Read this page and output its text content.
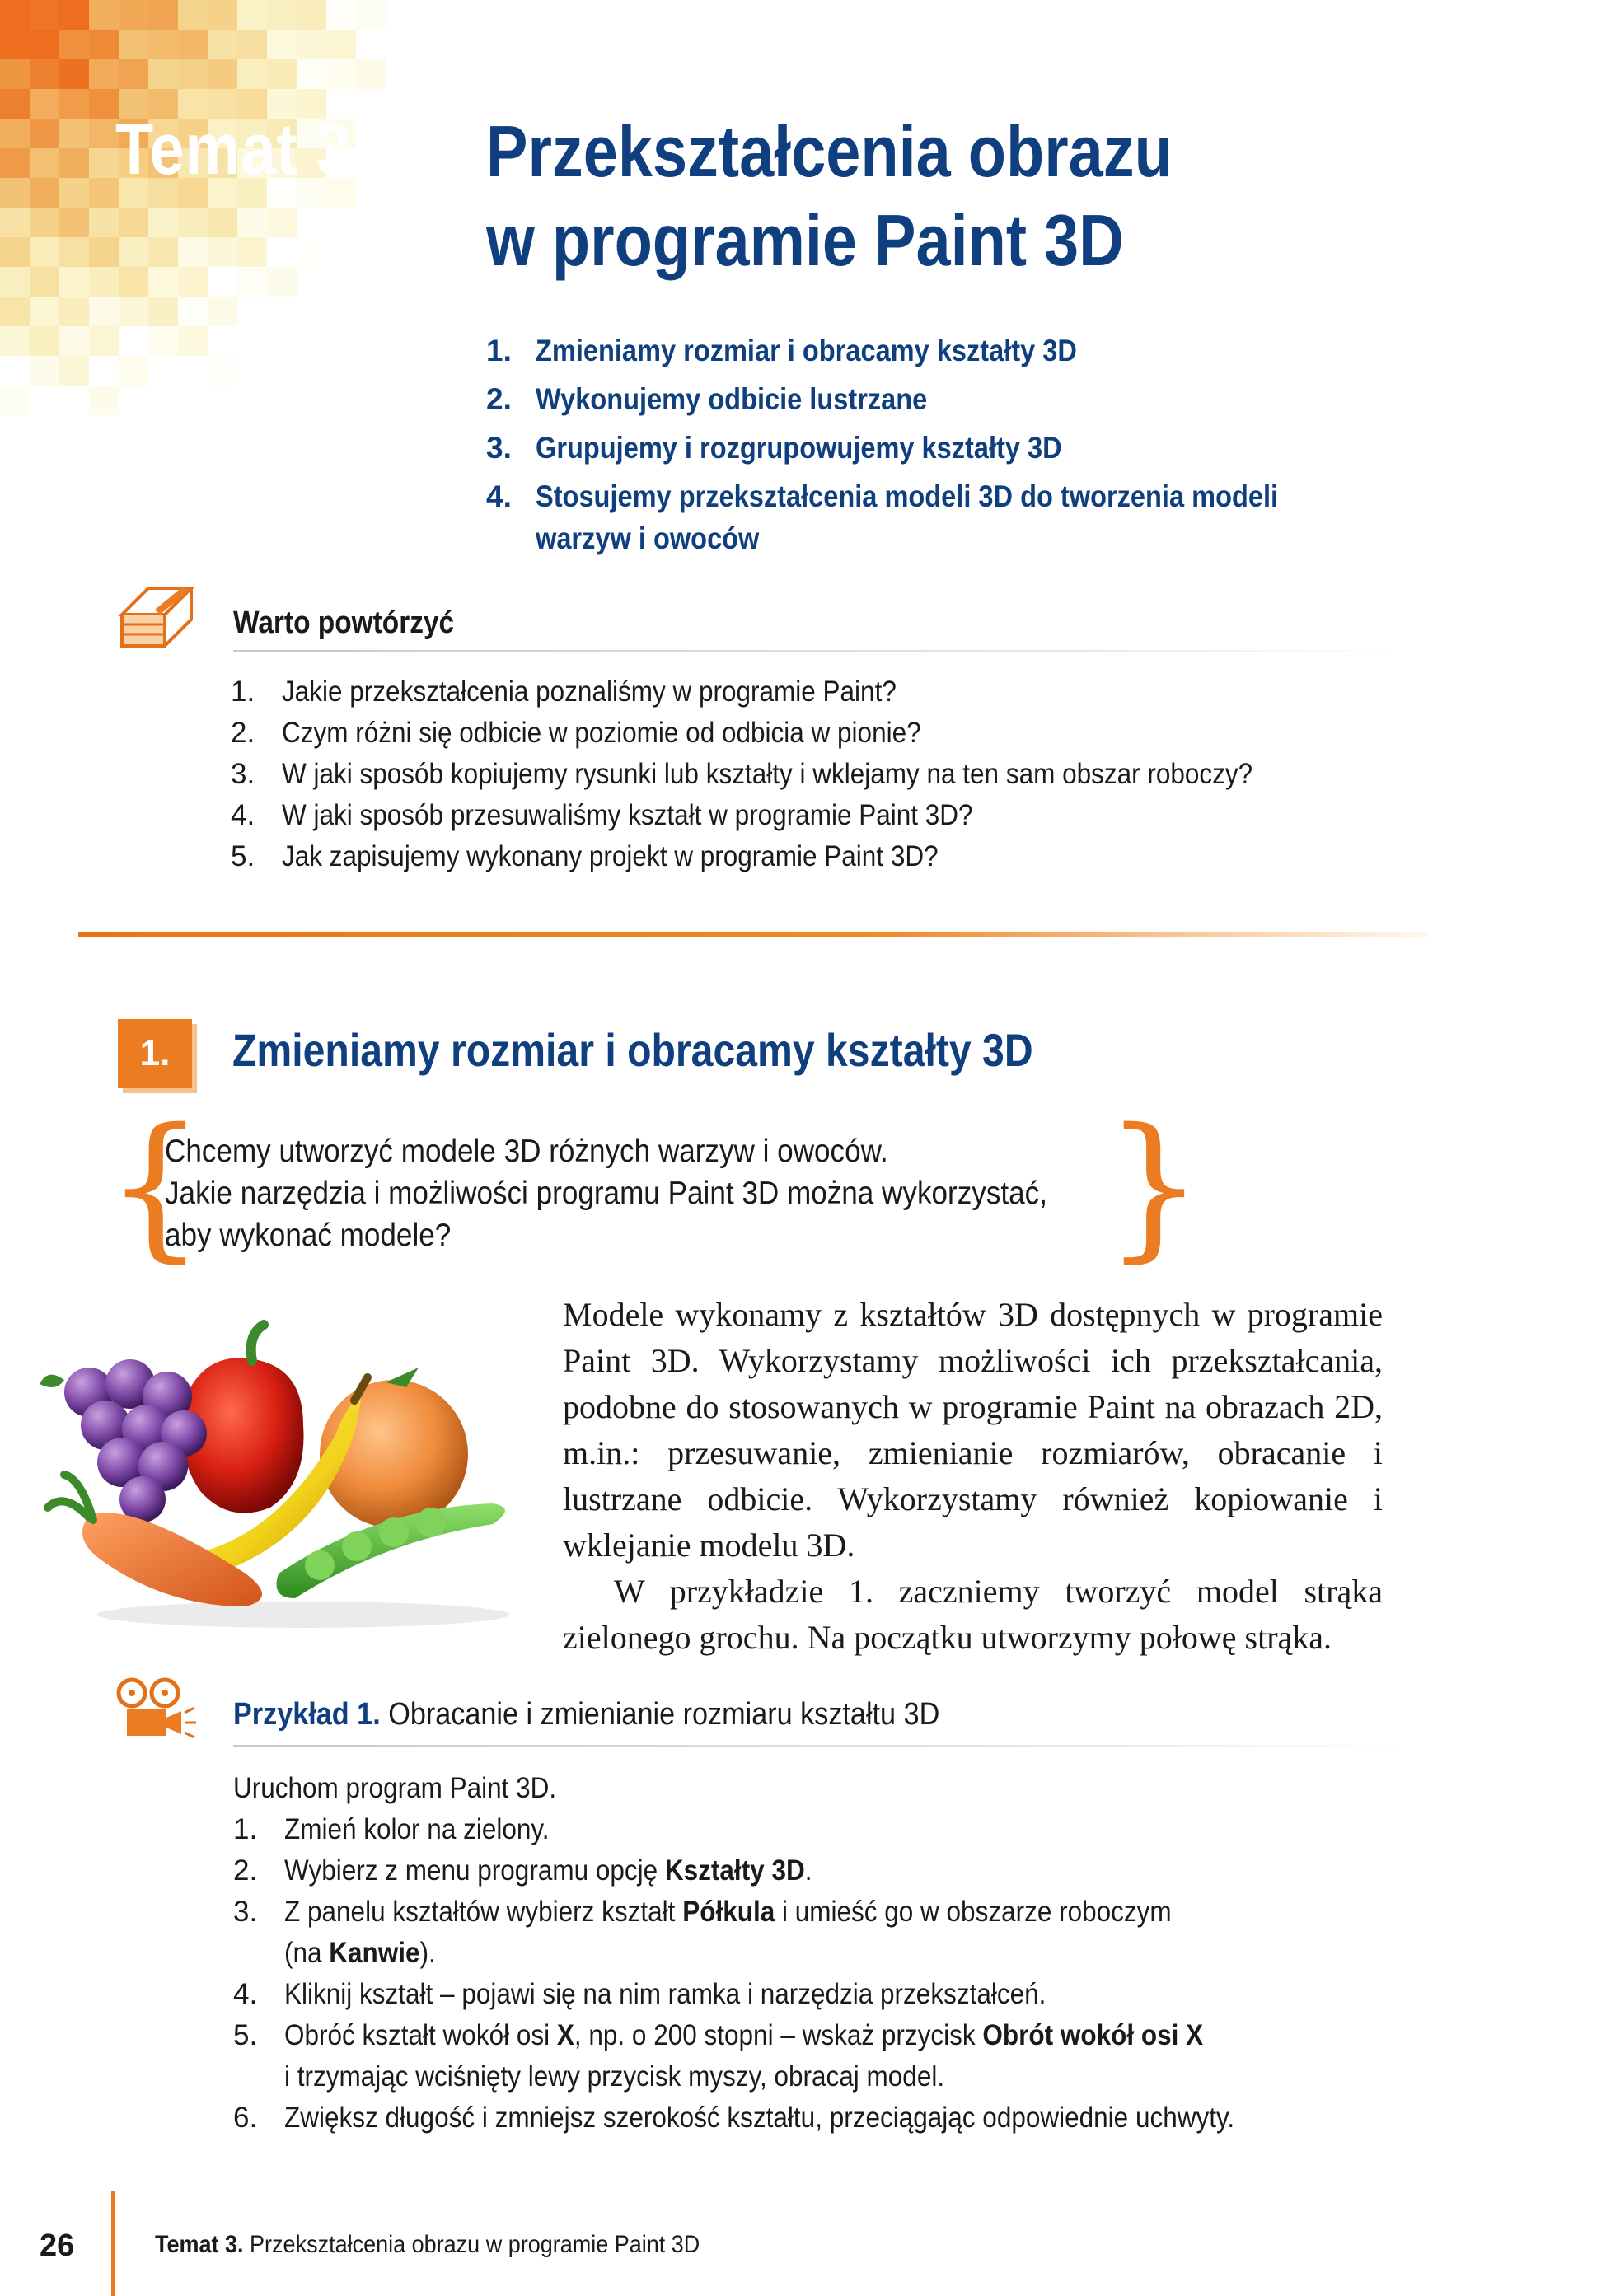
Temat 3. Przekształcenia obrazu
w programie Paint 3D
1. Zmieniamy rozmiar i obracamy kształty 3D
2. Wykonujemy odbicie lustrzane
3. Grupujemy i rozgrupowujemy kształty 3D
4. Stosujemy przekształcenia modeli 3D do tworzenia modeli
warzyw i owoców
Warto powtórzyć
1. Jakie przekształcenia poznaliśmy w programie Paint?
2. Czym różni się odbicie w poziomie od odbicia w pionie?
3. W jaki sposób kopiujemy rysunki lub kształty i wklejamy na ten sam obszar roboczy?
4. W jaki sposób przesuwaliśmy kształt w programie Paint 3D?
5. Jak zapisujemy wykonany projekt w programie Paint 3D?
1.	Zmieniamy rozmiar i obracamy kształty 3D
{	}
Chcemy utworzyć modele 3D różnych warzyw i owoców.
Jakie narzędzia i możliwości programu Paint 3D można wykorzystać,
aby wykonać modele?

Modele wykonamy z kształtów 3D dostępnych w programie Paint 3D. Wykorzystamy możliwości ich przekształcania, podobne do stosowanych w programie Paint na obrazach 2D, m.in.: przesuwanie, zmienianie rozmiarów, obracanie i lustrzane odbicie. Wykorzystamy również kopiowanie i wklejanie modelu 3D.

W przykładzie 1. zaczniemy tworzyć model strąka zielonego grochu. Na początku utworzymy połowę strąka.

Przykład 1. Obracanie i zmienianie rozmiaru kształtu 3D
Uruchom program Paint 3D.
1. Zmień kolor na zielony.
2. Wybierz z menu programu opcję Kształty 3D.
3. Z panelu kształtów wybierz kształt Półkula i umieść go w obszarze roboczym
(na Kanwie).
4. Kliknij kształt – pojawi się na nim ramka i narzędzia przekształceń.
5. Obróć kształt wokół osi X, np. o 200 stopni – wskaż przycisk Obrót wokół osi X
i trzymając wciśnięty lewy przycisk myszy, obracaj model.
6. Zwiększ długość i zmniejsz szerokość kształtu, przeciągając odpowiednie uchwyty.
26	Temat 3. Przekształcenia obrazu w programie Paint 3D
